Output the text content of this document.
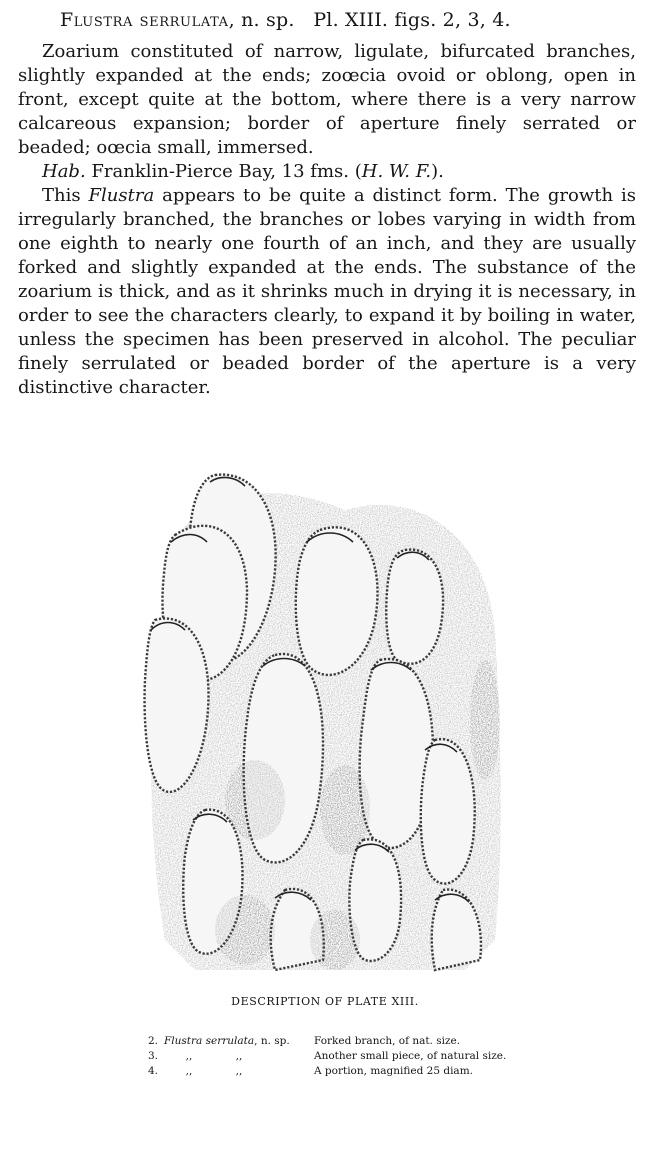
Flustra serrulata, n. sp. Pl. XIII. figs. 2, 3, 4.

Zoarium constituted of narrow, ligulate, bifurcated branches, slightly expanded at the ends; zoœcia ovoid or oblong, open in front, except quite at the bottom, where there is a very narrow calcareous expansion; border of aperture finely serrated or beaded; oœcia small, immersed.

Hab. Franklin-Pierce Bay, 13 fms. (H. W. F.).

This Flustra appears to be quite a distinct form. The growth is irregularly branched, the branches or lobes varying in width from one eighth to nearly one fourth of an inch, and they are usually forked and slightly expanded at the ends. The substance of the zoarium is thick, and as it shrinks much in drying it is necessary, in order to see the characters clearly, to expand it by boiling in water, unless the specimen has been preserved in alcohol. The peculiar finely serrulated or beaded border of the aperture is a very distinctive character.

DESCRIPTION OF PLATE XIII.
2. Flustra serrulata, n. sp.	Forked branch, of nat. size.
3.	,,	,,	Another small piece, of natural size.
4.	,,	,,	A portion, magnified 25 diam.
